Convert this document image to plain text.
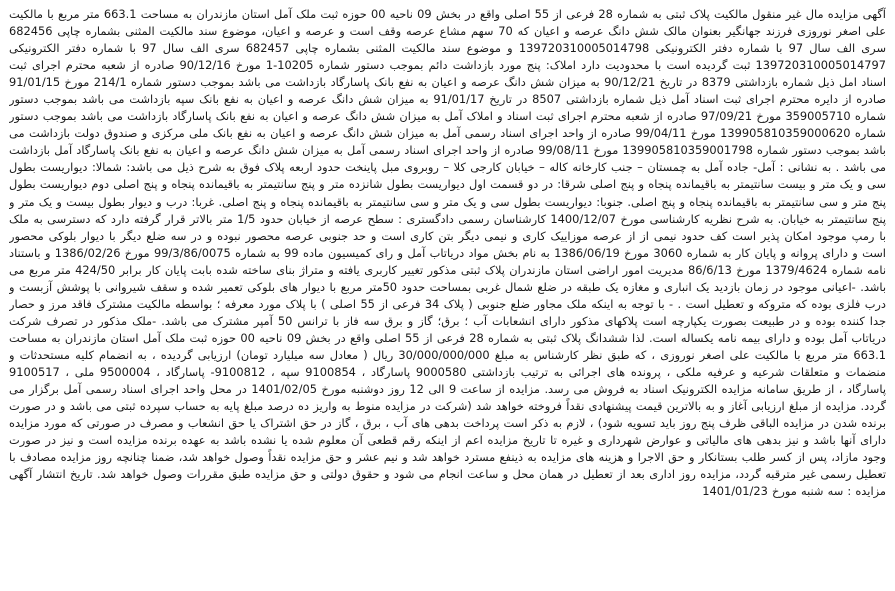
آگهی مزایده مال غیر منقول مالکیت پلاک ثبتی به شماره 28 فرعی از 55 اصلی واقع در بخش 09 ناحیه 00 حوزه ثبت ملک آمل استان مازندران به مساحت 663.1 متر مربع با مالکیت علی اصغر نوروزی فرزند جهانگیر بعنوان مالک شش دانگ عرصه و اعیان که 70 سهم مشاع عرصه وقف است و عرصه و اعیان، موضوع سند مالکیت المثنی بشماره چاپی 682456 سری الف سال 97 با شماره دفتر الکترونیکی 139720310005014798 و موضوع سند مالکیت المثنی بشماره چاپی 682457 سری الف سال 97 با شماره دفتر الکترونیکی 139720310005014797 ثبت گردیده است با محدودیت دارد املاک: پنج مورد بازداشت دائم بموجب دستور شماره 10205-1 مورخ 90/12/16 صادره از شعبه محترم اجرای ثبت اسناد امل ذیل شماره بازداشتی 8379 در تاریخ 90/12/21 به میزان شش دانگ عرصه و اعیان به نفع بانک پاسارگاد بازداشت می باشد بموجب دستور شماره 214/1 مورخ 91/01/15 صادره از دایره محترم اجرای ثبت اسناد آمل ذیل شماره بازداشتی 8507 در تاریخ 91/01/17 به میزان شش دانگ عرصه و اعیان به نفع بانک سپه بازداشت می باشد بموجب دستور شماره 359005710 مورخ 97/09/21 صادره از شعبه محترم اجرای ثبت اسناد و املاک آمل به میزان شش دانگ عرصه و اعیان به نفع بانک پاسارگاد بازداشت می باشد بموجب دستور شماره 139905810359000620 مورخ 99/04/11 صادره از واحد اجرای اسناد رسمی آمل به میزان شش دانگ عرصه و اعیان به نفع بانک ملی مرکزی و صندوق دولت بازداشت می باشد بموجب دستور شماره 139905810359001798 مورخ 99/08/11 صادره از واحد اجرای اسناد رسمی آمل به میزان شش دانگ عرصه و اعیان به نفع بانک پاسارگاد آمل بازداشت می باشد . به نشانی : آمل- جاده آمل به چمستان – جنب کارخانه کاله – خیابان کارجی کلا – روبروی مبل پاینخت حدود اربعه پلاک فوق به شرح ذیل می باشد: شمالا: دیواریست بطول سی و یک متر و بیست سانتیمتر به باقیمانده پنجاه و پنج اصلی شرقا: در دو قسمت اول دیواریست بطول شانزده متر و پنج سانتیمتر به باقیمانده پنجاه و پنج اصلی دوم دیواریست بطول پنج متر و سی سانتیمتر به باقیمانده پنجاه و پنج اصلی. جنوبا: دیواریست بطول سی و یک متر و سی سانتیمتر به باقیمانده پنجاه و پنج اصلی. غربا: درب و دیوار بطول بیست و یک متر و پنج سانتیمتر به خیابان. به شرح نظریه کارشناسی مورخ 1400/12/07 کارشناسان رسمی دادگستری : سطح عرصه از خیابان حدود 1/5 متر بالاتر قرار گرفته دارد که دسترسی به ملک با رمپ موجود امکان پذیر است کف حدود نیمی از از عرصه موزاییک کاری و نیمی دیگر بتن کاری است و حد جنوبی عرصه محصور نبوده و در سه ضلع دیگر با دیوار بلوکی محصور است و دارای پروانه و پایان کار به شماره 3060 مورخ 1386/06/19 به نام بخش مواد دریاتاب آمل و رای کمیسیون ماده 99 به شماره 99/3/86/0075 مورخ 1386/02/26 و باستناد نامه شماره 1379/4624 مورخ 86/6/13 مدیریت امور اراضی استان مازندران پلاک ثبتی مذکور تغییر کاربری یافته و متراژ بنای ساخته شده بابت پایان کار برابر 424/50 متر مربع می باشد. -اعیانی موجود در زمان بازدید یک انباری و مغازه یک طبقه در ضلع شمال غربی بمساحت حدود 50متر مربع با دیوار های بلوکی تعمیر شده و سقف شیروانی با پوشش آزبست و درب فلزی بوده که متروکه و تعطیل است . - با توجه به اینکه ملک مجاور ضلع جنوبی ( پلاک 34 فرعی از 55 اصلی ) با پلاک مورد معرفه ؛ بواسطه مالکیت مشترک فاقد مرز و حصار جدا کننده بوده و در طبیعت بصورت یکپارچه است پلاکهای مذکور دارای انشعابات آب ؛ برق؛ گاز و برق سه فاز با ترانس 50 آمپر مشترک می باشد. -ملک مذکور در تصرف شرکت دریاتاب آمل بوده و دارای بیمه نامه یکساله است. لذا ششدانگ پلاک ثبتی به شماره 28 فرعی از 55 اصلی واقع در بخش 09 ناحیه 00 حوزه ثبت ملک آمل استان مازندران به مساحت 663.1 متر مربع با مالکیت علی اصغر نوروزی ، که طبق نظر کارشناس به مبلغ 30/000/000/000 ریال ( معادل سه میلیارد تومان) ارزیابی گردیده ، به انضمام کلیه مستحدثات و منضمات و متعلقات شرعیه و عرفیه ملکی ، پرونده های اجرائی به ترتیب بازداشتی 9000580 پاسارگاد ، 9100854 سپه ، 9100812- پاسارگاد ، 9500004 ملی ، 9100517 پاسارگاد ، از طریق سامانه مزایده الکترونیک اسناد به فروش می رسد. مزایده از ساعت 9 الی 12 روز دوشنبه مورخ 1401/02/05 در محل واحد اجرای اسناد رسمی آمل برگزار می گردد. مزایده از مبلغ ارزیابی آغاز و به بالاترین قیمت پیشنهادی نقداً فروخته خواهد شد (شرکت در مزایده منوط به واریز ده درصد مبلغ پایه به حساب سپرده ثبتی می باشد و در صورت برنده شدن در مزایده الباقی ظرف پنج روز باید تسویه شود) ، لازم به ذکر است پرداخت بدهی های آب ، برق ، گاز در حق اشتراک یا حق انشعاب و مصرف در صورتی که مورد مزایده دارای آنها باشد و نیز بدهی های مالیاتی و عوارض شهرداری و غیره تا تاریخ مزایده اعم از اینکه رقم قطعی آن معلوم شده یا نشده باشد به عهده برنده مزایده است و نیز در صورت وجود مازاد، پس از کسر طلب بستانکار و حق الاجرا و هزینه های مزایده به ذینفع مسترد خواهد شد و نیم عشر و حق مزایده نقداً وصول خواهد شد، ضمنا چنانچه روز مزایده مصادف با تعطیل رسمی غیر مترقبه گردد، مزایده روز اداری بعد از تعطیل در همان محل و ساعت انجام می شود و حقوق دولتی و حق مزایده طبق مقررات وصول خواهد شد. تاریخ انتشار آگهی مزایده : سه شنبه مورخ 1401/01/23
